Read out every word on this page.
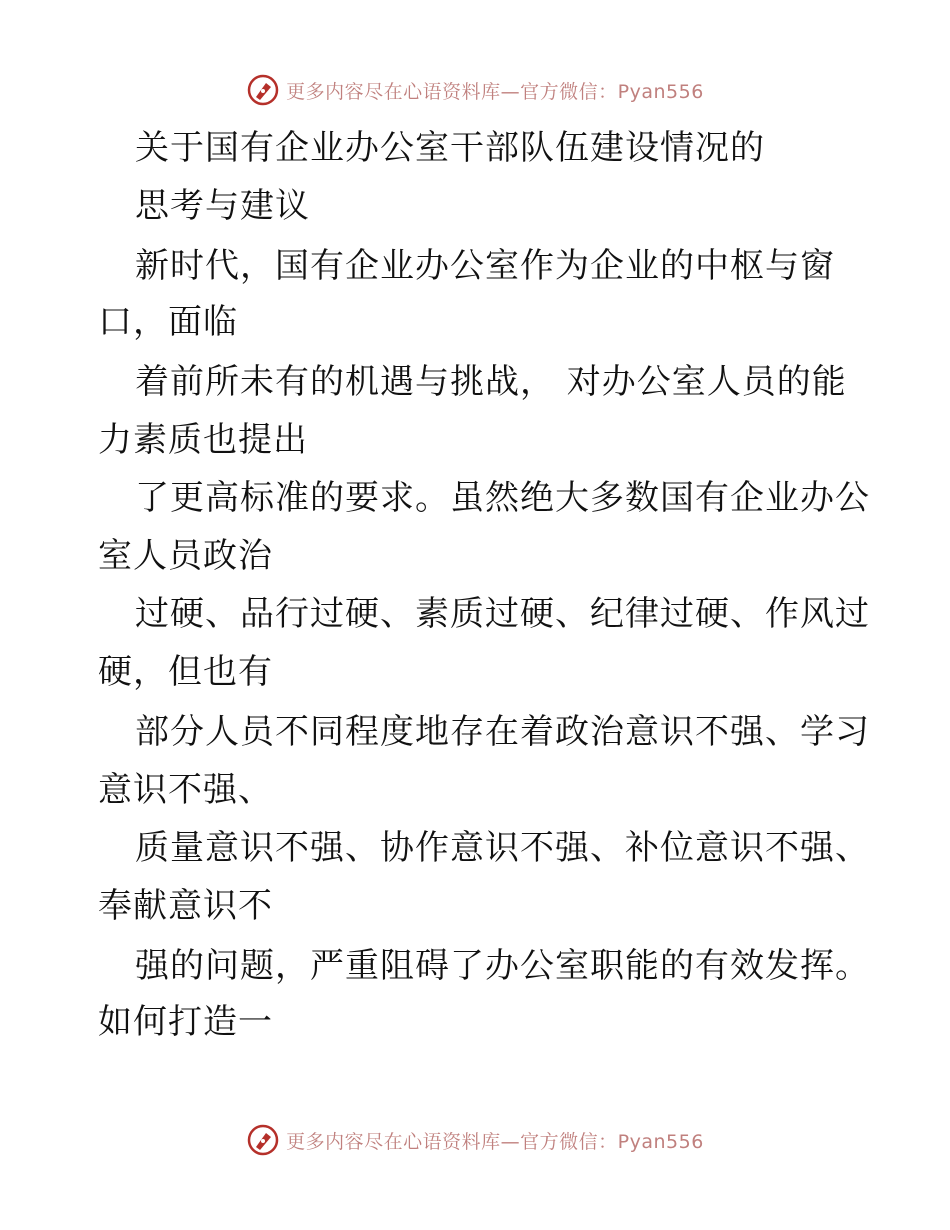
更多内容尽在心语资料库—官方微信：Pyan556
关于国有企业办公室干部队伍建设情况的
思考与建议
新时代，国有企业办公室作为企业的中枢与窗
口，面临
着前所未有的机遇与挑战， 对办公室人员的能
力素质也提出
了更高标准的要求。虽然绝大多数国有企业办公
室人员政治
过硬、品行过硬、素质过硬、纪律过硬、作风过
硬，但也有
部分人员不同程度地存在着政治意识不强、学习
意识不强、
质量意识不强、协作意识不强、补位意识不强、
奉献意识不
强的问题，严重阻碍了办公室职能的有效发挥。
如何打造一
更多内容尽在心语资料库—官方微信：Pyan556
